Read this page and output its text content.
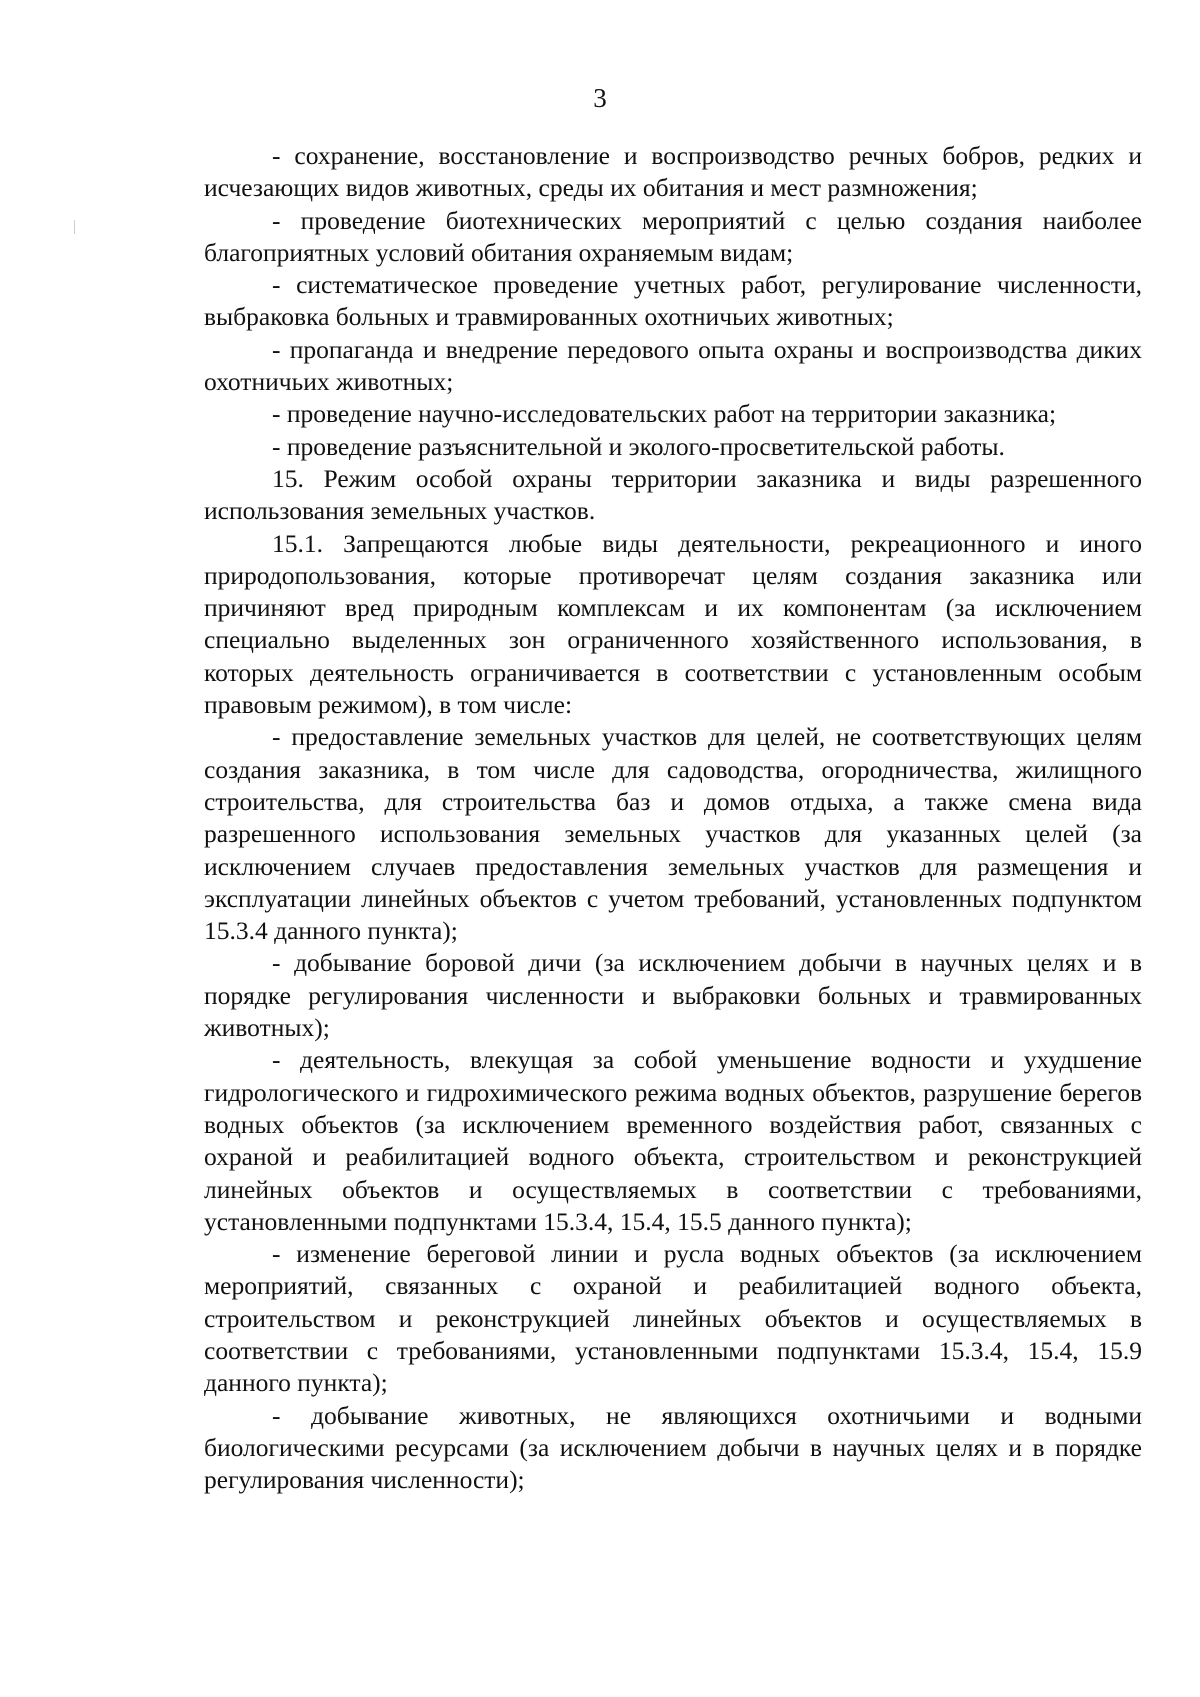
3

- сохранение, восстановление и воспроизводство речных бобров, редких и исчезающих видов животных, среды их обитания и мест размножения;

- проведение биотехнических мероприятий с целью создания наиболее благоприятных условий обитания охраняемым видам;

- систематическое проведение учетных работ, регулирование численности, выбраковка больных и травмированных охотничьих животных;

- пропаганда и внедрение передового опыта охраны и воспроизводства диких охотничьих животных;

- проведение научно-исследовательских работ на территории заказника;

- проведение разъяснительной и эколого-просветительской работы.

15. Режим особой охраны территории заказника и виды разрешенного использования земельных участков.

15.1. Запрещаются любые виды деятельности, рекреационного и иного природопользования, которые противоречат целям создания заказника или причиняют вред природным комплексам и их компонентам (за исключением специально выделенных зон ограниченного хозяйственного использования, в которых деятельность ограничивается в соответствии с установленным особым правовым режимом), в том числе:

- предоставление земельных участков для целей, не соответствующих целям создания заказника, в том числе для садоводства, огородничества, жилищного строительства, для строительства баз и домов отдыха, а также смена вида разрешенного использования земельных участков для указанных целей (за исключением случаев предоставления земельных участков для размещения и эксплуатации линейных объектов с учетом требований, установленных подпунктом 15.3.4 данного пункта);

- добывание боровой дичи (за исключением добычи в научных целях и в порядке регулирования численности и выбраковки больных и травмированных животных);

- деятельность, влекущая за собой уменьшение водности и ухудшение гидрологического и гидрохимического режима водных объектов, разрушение берегов водных объектов (за исключением временного воздействия работ, связанных с охраной и реабилитацией водного объекта, строительством и реконструкцией линейных объектов и осуществляемых в соответствии с требованиями, установленными подпунктами 15.3.4, 15.4, 15.5 данного пункта);

- изменение береговой линии и русла водных объектов (за исключением мероприятий, связанных с охраной и реабилитацией водного объекта, строительством и реконструкцией линейных объектов и осуществляемых в соответствии с требованиями, установленными подпунктами 15.3.4, 15.4, 15.9 данного пункта);

- добывание животных, не являющихся охотничьими и водными биологическими ресурсами (за исключением добычи в научных целях и в порядке регулирования численности);
